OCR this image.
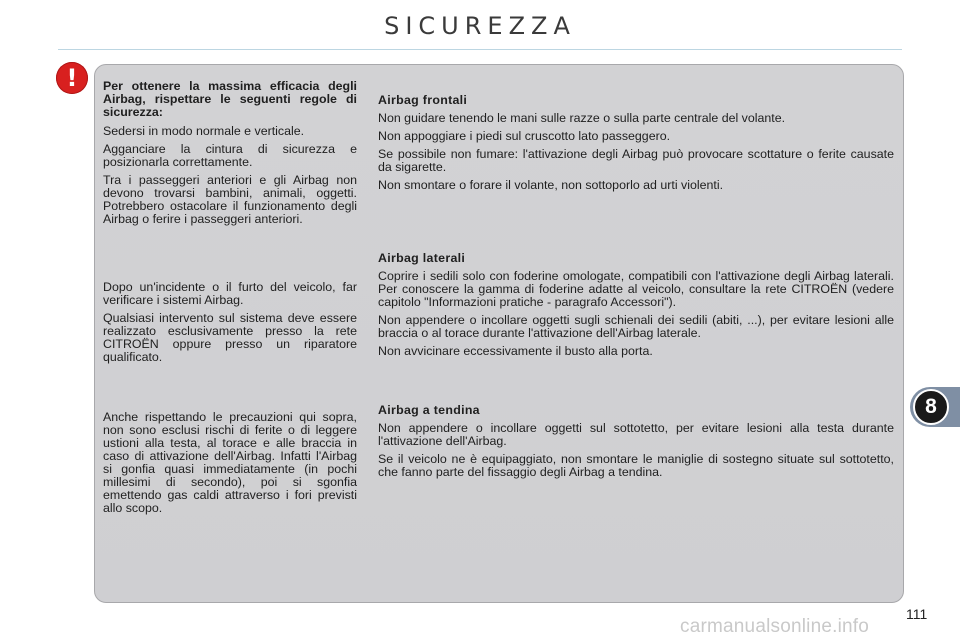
SICUREZZA
!	Per ottenere la massima efficacia degli Airbag, rispettare le seguenti regole di sicurezza:

Sedersi in modo normale e verticale.

Agganciare la cintura di sicurezza e posizionarla correttamente.

Tra i passeggeri anteriori e gli Airbag non devono trovarsi bambini, animali, oggetti. Potrebbero ostacolare il funzionamento degli Airbag o ferire i passeggeri anteriori.

Dopo un'incidente o il furto del veicolo, far verificare i sistemi Airbag.

Qualsiasi intervento sul sistema deve essere realizzato esclusivamente presso la rete CITROËN oppure presso un riparatore qualificato.

Anche rispettando le precauzioni qui sopra, non sono esclusi rischi di ferite o di leggere ustioni alla testa, al torace e alle braccia in caso di attivazione dell'Airbag. Infatti l'Airbag si gonfia quasi immediatamente (in pochi millesimi di secondo), poi si sgonfia emettendo gas caldi attraverso i fori previsti allo scopo.

Airbag frontali

Non guidare tenendo le mani sulle razze o sulla parte centrale del volante.

Non appoggiare i piedi sul cruscotto lato passeggero.

Se possibile non fumare: l'attivazione degli Airbag può provocare scottature o ferite causate da sigarette.

Non smontare o forare il volante, non sottoporlo ad urti violenti.

Airbag laterali

Coprire i sedili solo con foderine omologate, compatibili con l'attivazione degli Airbag laterali. Per conoscere la gamma di foderine adatte al veicolo, consultare la rete CITROËN (vedere capitolo "Informazioni pratiche - paragrafo Accessori").

Non appendere o incollare oggetti sugli schienali dei sedili (abiti, ...), per evitare lesioni alle braccia o al torace durante l'attivazione dell'Airbag laterale.

Non avvicinare eccessivamente il busto alla porta.

Airbag a tendina

Non appendere o incollare oggetti sul sottotetto, per evitare lesioni alla testa durante l'attivazione dell'Airbag.

Se il veicolo ne è equipaggiato, non smontare le maniglie di sostegno situate sul sottotetto, che fanno parte del fissaggio degli Airbag a tendina.

8
111
carmanualsonline.info
